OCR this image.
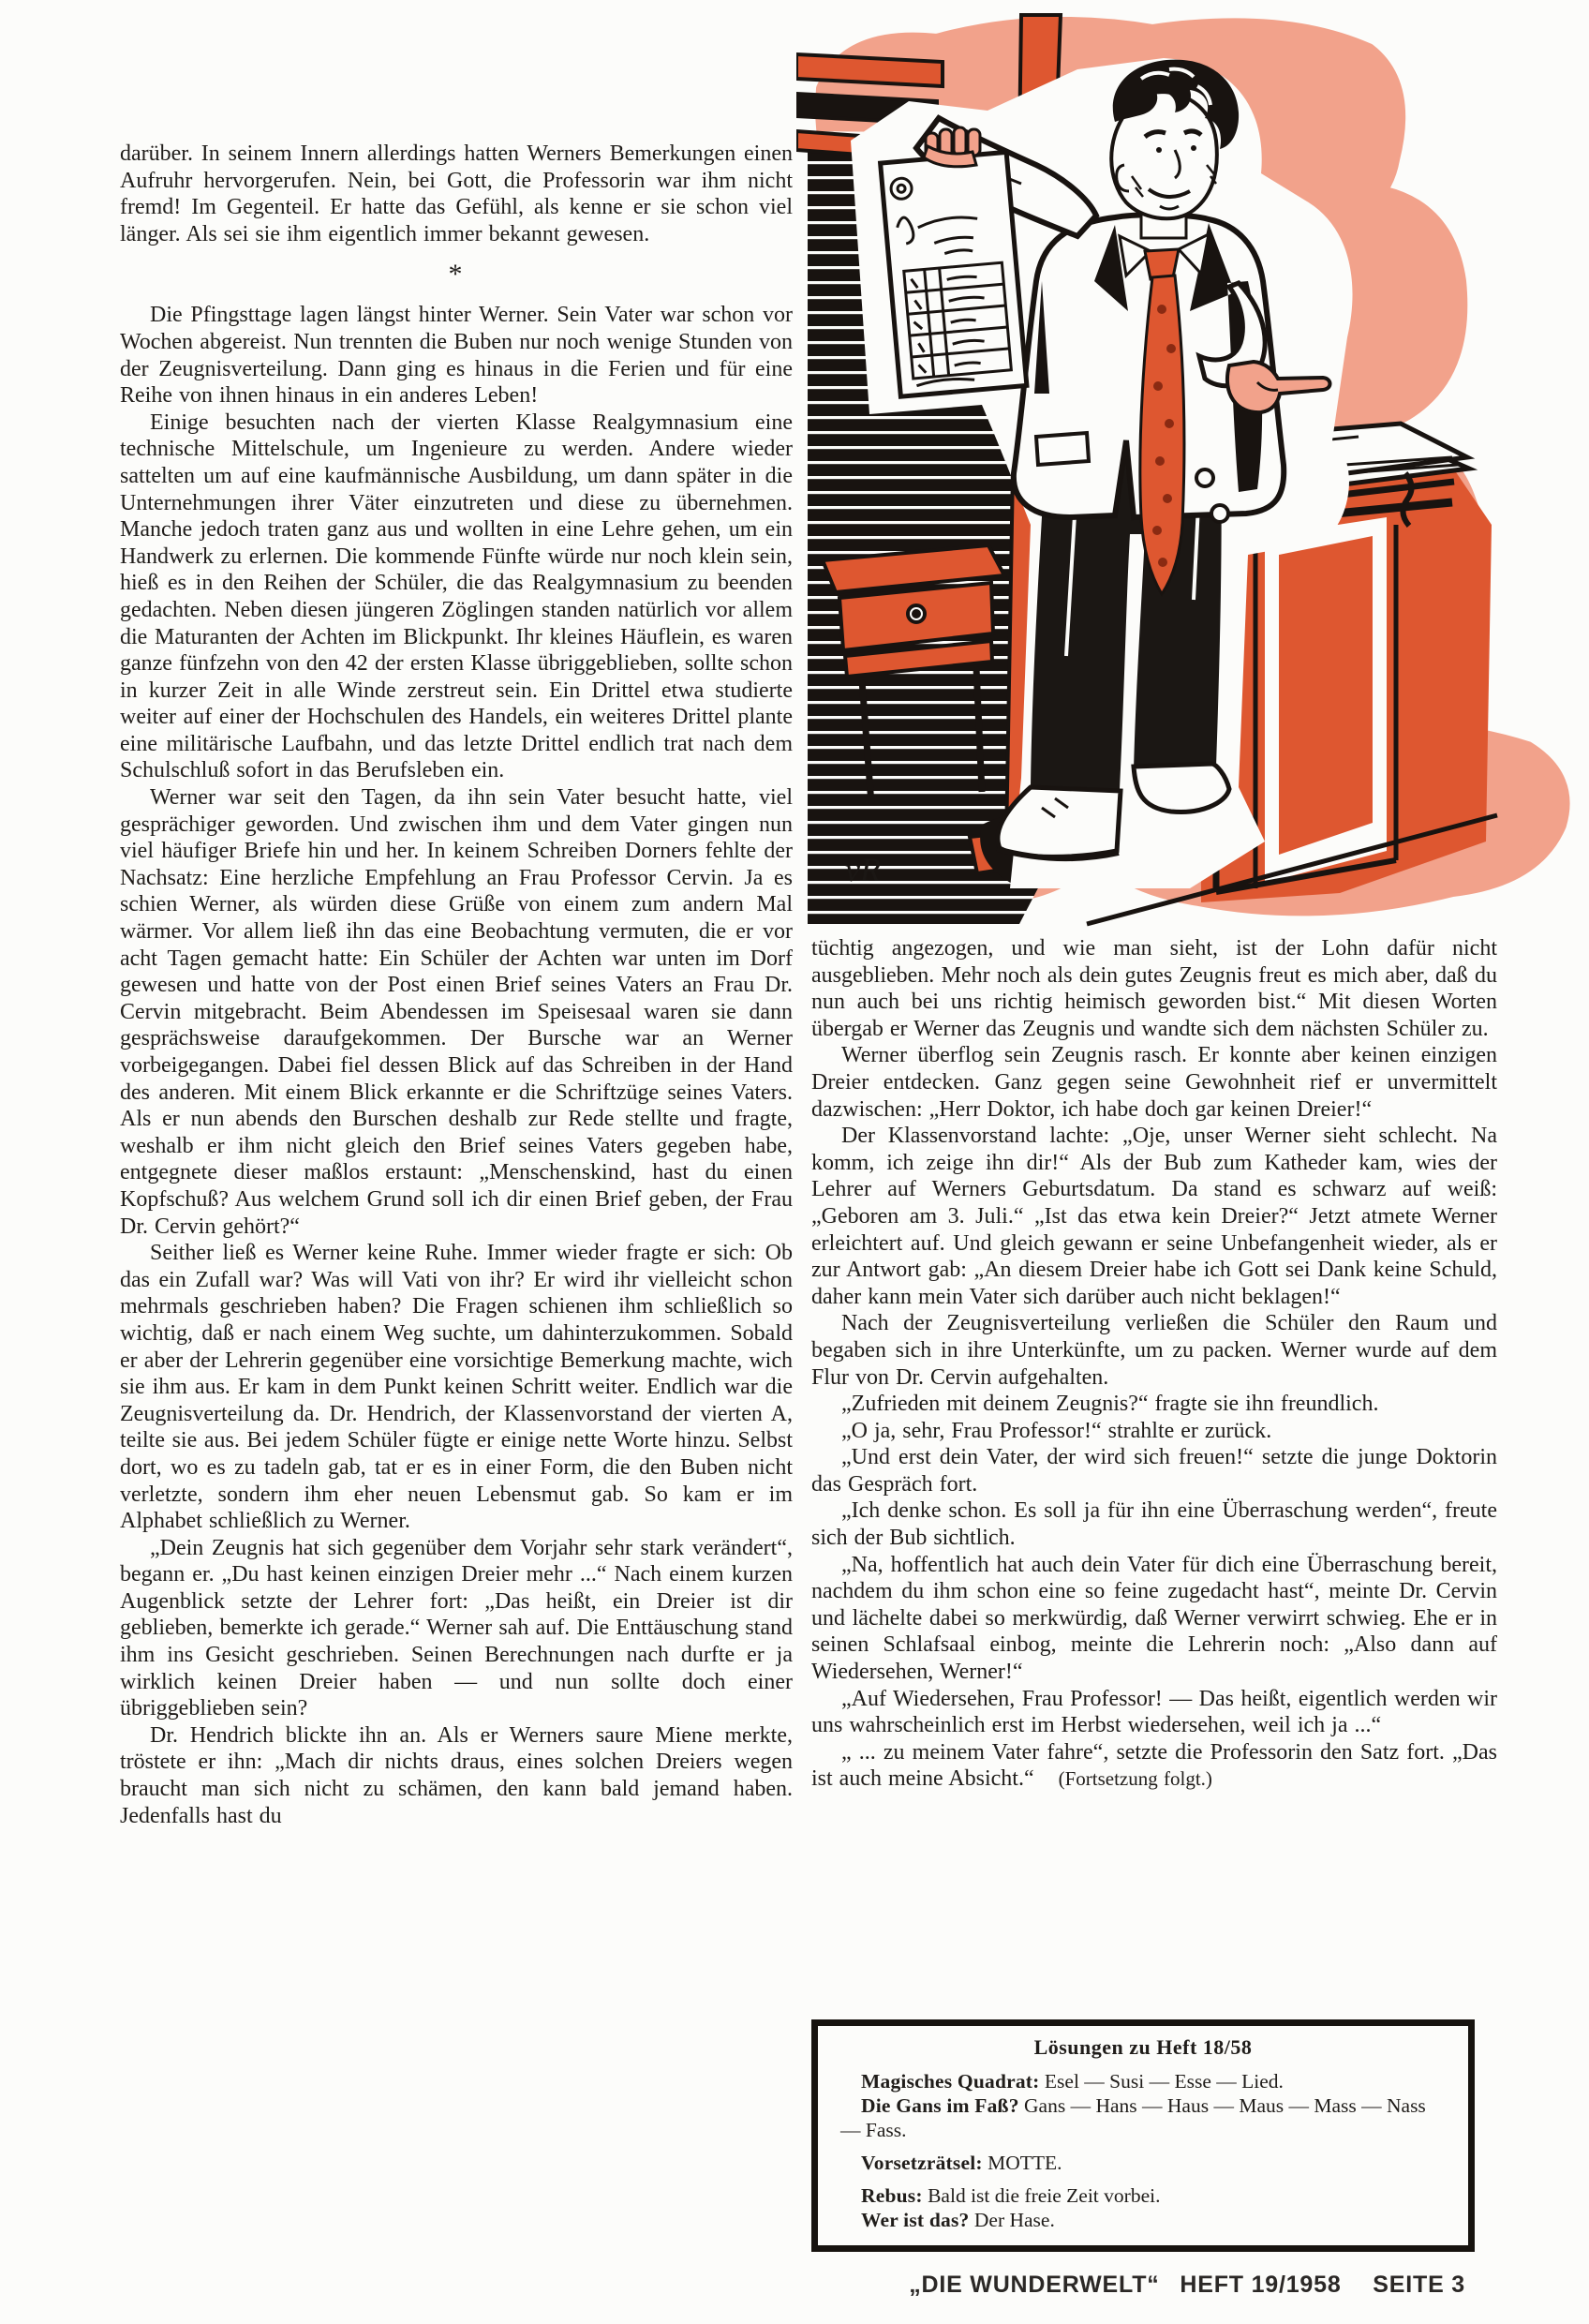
vR

darüber. In seinem Innern allerdings hatten Werners Bemerkungen einen Aufruhr hervorgerufen. Nein, bei Gott, die Professorin war ihm nicht fremd! Im Gegenteil. Er hatte das Gefühl, als kenne er sie schon viel länger. Als sei sie ihm eigentlich immer bekannt gewesen.

*

Die Pfingsttage lagen längst hinter Werner. Sein Vater war schon vor Wochen abgereist. Nun trennten die Buben nur noch wenige Stunden von der Zeugnisverteilung. Dann ging es hinaus in die Ferien und für eine Reihe von ihnen hinaus in ein anderes Leben!

Einige besuchten nach der vierten Klasse Realgymnasium eine technische Mittelschule, um Ingenieure zu werden. Andere wieder sattelten um auf eine kaufmännische Ausbildung, um dann später in die Unternehmungen ihrer Väter einzutreten und diese zu übernehmen. Manche jedoch traten ganz aus und wollten in eine Lehre gehen, um ein Handwerk zu erlernen. Die kommende Fünfte würde nur noch klein sein, hieß es in den Reihen der Schüler, die das Realgymnasium zu beenden gedachten. Neben diesen jüngeren Zöglingen standen natürlich vor allem die Maturanten der Achten im Blickpunkt. Ihr kleines Häuflein, es waren ganze fünfzehn von den 42 der ersten Klasse übriggeblieben, sollte schon in kurzer Zeit in alle Winde zerstreut sein. Ein Drittel etwa studierte weiter auf einer der Hochschulen des Handels, ein weiteres Drittel plante eine militärische Laufbahn, und das letzte Drittel endlich trat nach dem Schulschluß sofort in das Berufsleben ein.

Werner war seit den Tagen, da ihn sein Vater besucht hatte, viel gesprächiger geworden. Und zwischen ihm und dem Vater gingen nun viel häufiger Briefe hin und her. In keinem Schreiben Dorners fehlte der Nachsatz: Eine herzliche Empfehlung an Frau Professor Cervin. Ja es schien Werner, als würden diese Grüße von einem zum andern Mal wärmer. Vor allem ließ ihn das eine Beobachtung vermuten, die er vor acht Tagen gemacht hatte: Ein Schüler der Achten war unten im Dorf gewesen und hatte von der Post einen Brief seines Vaters an Frau Dr. Cervin mitgebracht. Beim Abendessen im Speisesaal waren sie dann gesprächsweise daraufgekommen. Der Bursche war an Werner vorbeigegangen. Dabei fiel dessen Blick auf das Schreiben in der Hand des anderen. Mit einem Blick erkannte er die Schriftzüge seines Vaters. Als er nun abends den Burschen deshalb zur Rede stellte und fragte, weshalb er ihm nicht gleich den Brief seines Vaters gegeben habe, entgegnete dieser maßlos erstaunt: „Menschenskind, hast du einen Kopfschuß? Aus welchem Grund soll ich dir einen Brief geben, der Frau Dr. Cervin gehört?“

Seither ließ es Werner keine Ruhe. Immer wieder fragte er sich: Ob das ein Zufall war? Was will Vati von ihr? Er wird ihr vielleicht schon mehrmals geschrieben haben? Die Fragen schienen ihm schließlich so wichtig, daß er nach einem Weg suchte, um dahinterzukommen. Sobald er aber der Lehrerin gegenüber eine vorsichtige Bemerkung machte, wich sie ihm aus. Er kam in dem Punkt keinen Schritt weiter. Endlich war die Zeugnisverteilung da. Dr. Hendrich, der Klassenvorstand der vierten A, teilte sie aus. Bei jedem Schüler fügte er einige nette Worte hinzu. Selbst dort, wo es zu tadeln gab, tat er es in einer Form, die den Buben nicht verletzte, sondern ihm eher neuen Lebensmut gab. So kam er im Alphabet schließlich zu Werner.

„Dein Zeugnis hat sich gegenüber dem Vorjahr sehr stark verändert“, begann er. „Du hast keinen einzigen Dreier mehr ...“ Nach einem kurzen Augenblick setzte der Lehrer fort: „Das heißt, ein Dreier ist dir geblieben, bemerkte ich gerade.“ Werner sah auf. Die Enttäuschung stand ihm ins Gesicht geschrieben. Seinen Berechnungen nach durfte er ja wirklich keinen Dreier haben — und nun sollte doch einer übriggeblieben sein?

Dr. Hendrich blickte ihn an. Als er Werners saure Miene merkte, tröstete er ihn: „Mach dir nichts draus, eines solchen Dreiers wegen braucht man sich nicht zu schämen, den kann bald jemand haben. Jedenfalls hast du

tüchtig angezogen, und wie man sieht, ist der Lohn dafür nicht ausgeblieben. Mehr noch als dein gutes Zeugnis freut es mich aber, daß du nun auch bei uns richtig heimisch geworden bist.“ Mit diesen Worten übergab er Werner das Zeugnis und wandte sich dem nächsten Schüler zu.

Werner überflog sein Zeugnis rasch. Er konnte aber keinen einzigen Dreier entdecken. Ganz gegen seine Gewohnheit rief er unvermittelt dazwischen: „Herr Doktor, ich habe doch gar keinen Dreier!“

Der Klassenvorstand lachte: „Oje, unser Werner sieht schlecht. Na komm, ich zeige ihn dir!“ Als der Bub zum Katheder kam, wies der Lehrer auf Werners Geburtsdatum. Da stand es schwarz auf weiß: „Geboren am 3. Juli.“ „Ist das etwa kein Dreier?“ Jetzt atmete Werner erleichtert auf. Und gleich gewann er seine Unbefangenheit wieder, als er zur Antwort gab: „An diesem Dreier habe ich Gott sei Dank keine Schuld, daher kann mein Vater sich darüber auch nicht beklagen!“

Nach der Zeugnisverteilung verließen die Schüler den Raum und begaben sich in ihre Unterkünfte, um zu packen. Werner wurde auf dem Flur von Dr. Cervin aufgehalten.

„Zufrieden mit deinem Zeugnis?“ fragte sie ihn freundlich.

„O ja, sehr, Frau Professor!“ strahlte er zurück.

„Und erst dein Vater, der wird sich freuen!“ setzte die junge Doktorin das Gespräch fort.

„Ich denke schon. Es soll ja für ihn eine Überraschung werden“, freute sich der Bub sichtlich.

„Na, hoffentlich hat auch dein Vater für dich eine Überraschung bereit, nachdem du ihm schon eine so feine zugedacht hast“, meinte Dr. Cervin und lächelte dabei so merkwürdig, daß Werner verwirrt schwieg. Ehe er in seinen Schlafsaal einbog, meinte die Lehrerin noch: „Also dann auf Wiedersehen, Werner!“

„Auf Wiedersehen, Frau Professor! — Das heißt, eigentlich werden wir uns wahrscheinlich erst im Herbst wiedersehen, weil ich ja ...“

„ ... zu meinem Vater fahre“, setzte die Professorin den Satz fort. „Das ist auch meine Absicht.“ (Fortsetzung folgt.)

Lösungen zu Heft 18/58

Magisches Quadrat: Esel — Susi — Esse — Lied.

Die Gans im Faß? Gans — Hans — Haus — Maus — Mass — Nass — Fass.

Vorsetzrätsel: MOTTE.

Rebus: Bald ist die freie Zeit vorbei.

Wer ist das? Der Hase.

„DIE WUNDERWELT“ HEFT 19/1958 SEITE 3
